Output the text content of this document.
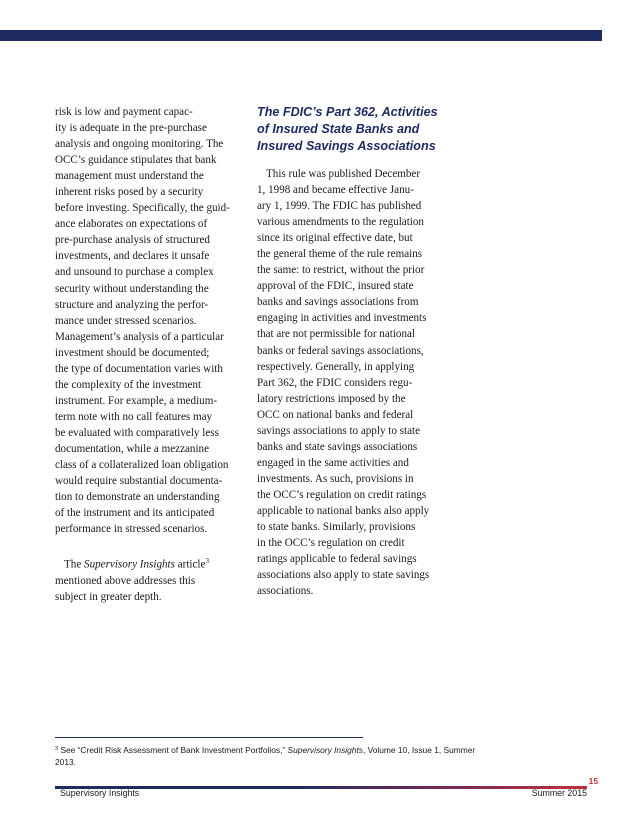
risk is low and payment capac-
ity is adequate in the pre-purchase
analysis and ongoing monitoring. The
OCC’s guidance stipulates that bank
management must understand the
inherent risks posed by a security
before investing. Specifically, the guid-
ance elaborates on expectations of
pre-purchase analysis of structured
investments, and declares it unsafe
and unsound to purchase a complex
security without understanding the
structure and analyzing the perfor-
mance under stressed scenarios.
Management’s analysis of a particular
investment should be documented;
the type of documentation varies with
the complexity of the investment
instrument. For example, a medium-
term note with no call features may
be evaluated with comparatively less
documentation, while a mezzanine
class of a collateralized loan obligation
would require substantial documenta-
tion to demonstrate an understanding
of the instrument and its anticipated
performance in stressed scenarios.

The Supervisory Insights article$^3$
mentioned above addresses this
subject in greater depth.

The FDIC’s Part 362, Activities
of Insured State Banks and
Insured Savings Associations

This rule was published December
1, 1998 and became effective Janu-
ary 1, 1999. The FDIC has published
various amendments to the regulation
since its original effective date, but
the general theme of the rule remains
the same: to restrict, without the prior
approval of the FDIC, insured state
banks and savings associations from
engaging in activities and investments
that are not permissible for national
banks or federal savings associations,
respectively. Generally, in applying
Part 362, the FDIC considers regu-
latory restrictions imposed by the
OCC on national banks and federal
savings associations to apply to state
banks and state savings associations
engaged in the same activities and
investments. As such, provisions in
the OCC’s regulation on credit ratings
applicable to national banks also apply
to state banks. Similarly, provisions
in the OCC’s regulation on credit
ratings applicable to federal savings
associations also apply to state savings
associations.

$^3$ See “Credit Risk Assessment of Bank Investment Portfolios,” Supervisory Insights, Volume 10, Issue 1, Summer
2013.
15
Supervisory Insights	Summer 2015
